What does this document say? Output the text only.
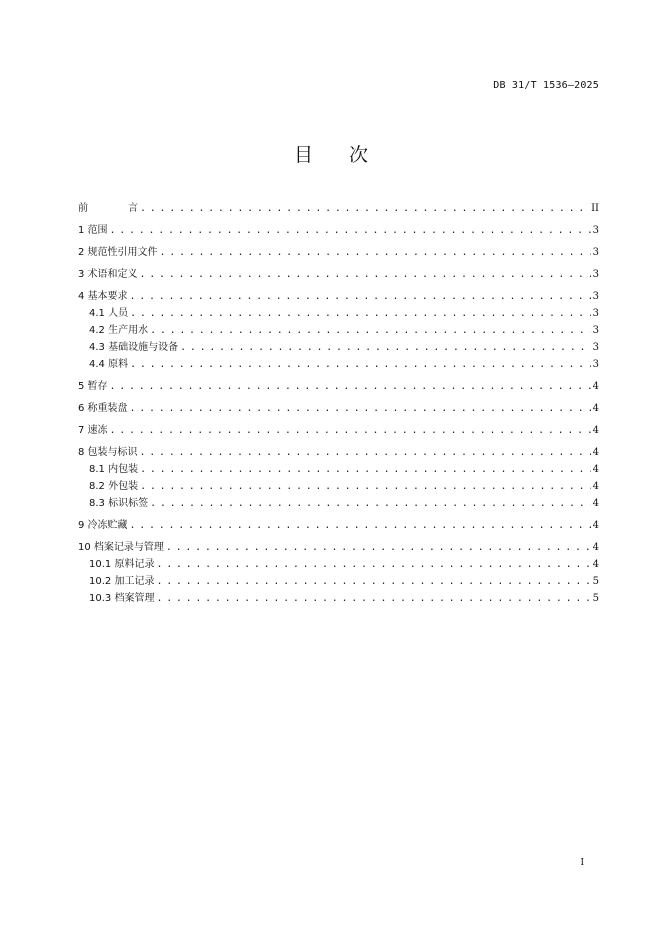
DB 31/T 1536—2025
目 次
前	言 . . .	II
1 范围 . . .	3
2 规范性引用文件 . . .	3
3 术语和定义 . . .	3
4 基本要求 . . .	3
4.1 人员 . . .	3
4.2 生产用水 . . .	3
4.3 基础设施与设备 . . .	3
4.4 原料 . . .	3
5 暂存 . . .	4
6 称重装盘 . . .	4
7 速冻 . . .	4
8 包装与标识 . . .	4
8.1 内包装 . . .	4
8.2 外包装 . . .	4
8.3 标识标签 . . .	4
9 冷冻贮藏 . . .	4
10 档案记录与管理 . . .	4
10.1 原料记录 . . .	4
10.2 加工记录 . . .	5
10.3 档案管理 . . .	5
I
